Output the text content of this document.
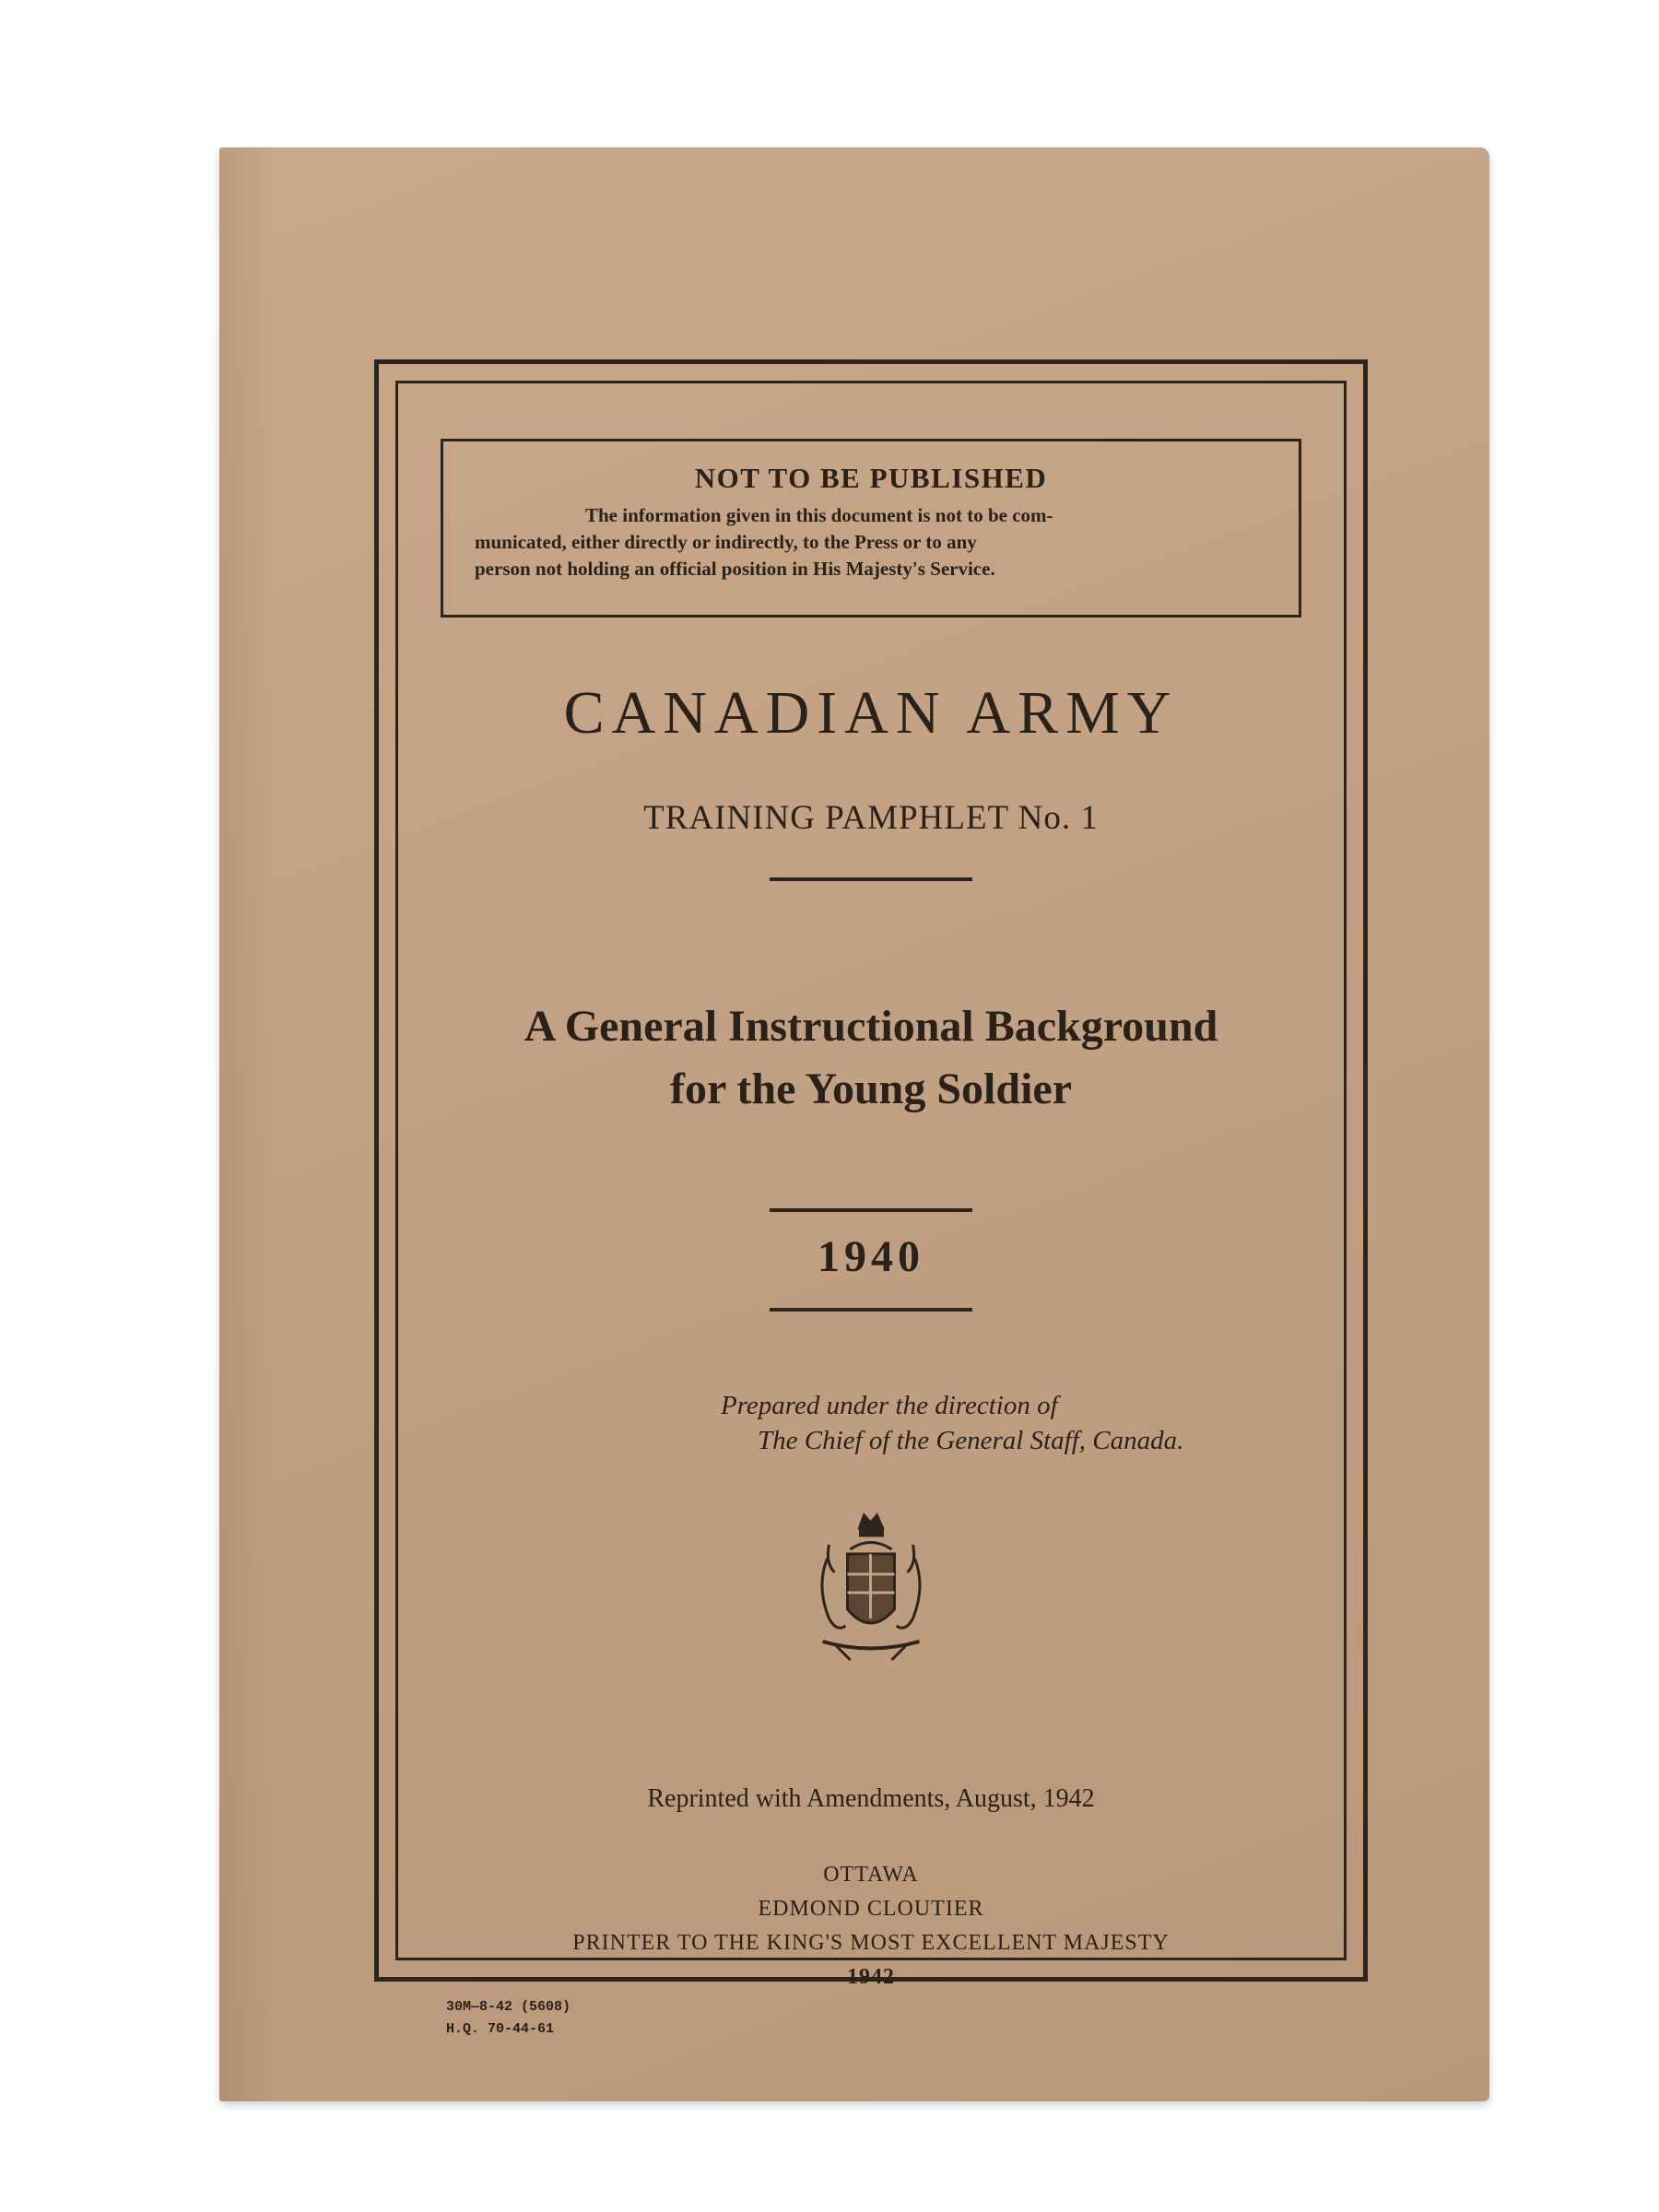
NOT TO BE PUBLISHED
The information given in this document is not to be com-
municated, either directly or indirectly, to the Press or to any
person not holding an official position in His Majesty's Service.
CANADIAN ARMY
TRAINING PAMPHLET No. 1
A General Instructional Background
for the Young Soldier
1940
Prepared under the direction of
The Chief of the General Staff, Canada.
Reprinted with Amendments, August, 1942
OTTAWA
EDMOND CLOUTIER
PRINTER TO THE KING'S MOST EXCELLENT MAJESTY
1942
30M—8-42 (5608)
H.Q. 70-44-61
